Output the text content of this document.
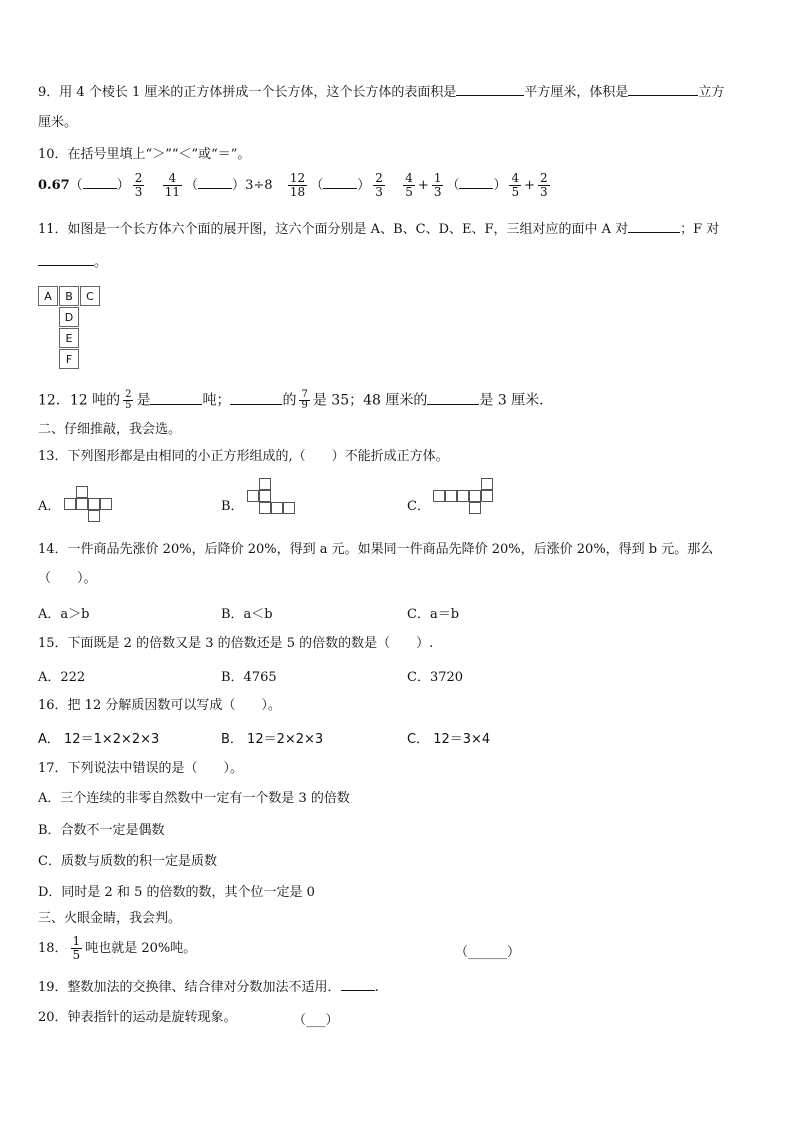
9．用 4 个棱长 1 厘米的正方体拼成一个长方体，这个长方体的表面积是	平方厘米，体积是	立方
厘米。
10．在括号里填上“＞”“＜”或“＝”。
0.67（	） $\frac{2}{3}$
$\frac{4}{11}$ （	）$3\div 8 \frac{12}{18}$ （	） $\frac{2}{3}$
$\frac{4}{5} + \frac{1}{3}$ （	） $\frac{4}{5} + \frac{2}{3}$
11．如图是一个长方体六个面的展开图，这六个面分别是 A、B、C、D、E、F，三组对应的面中 A 对	；F 对
。
A	B	C
D
E
F
12．12 吨的 $\frac{2}{5}$ 是	吨；	的 $\frac{7}{9}$ 是 35；48 厘米的	是 3 厘米.
二、仔细推敲，我会选。
13．下列图形都是由相同的小正方形组成的,（　　）不能折成正方体。
A．	B．	C．
14．一件商品先涨价 20%，后降价 20%，得到 a 元。如果同一件商品先降价 20%，后涨价 20%，得到 b 元。那么
（　　）。
A．a＞b	B．a＜b	C．a＝b
15．下面既是 2 的倍数又是 3 的倍数还是 5 的倍数的数是（　　）.
A．222	B．4765	C．3720
16．把 12 分解质因数可以写成（　　）。
A． 12＝1×2×2×3	B． 12＝2×2×3	C． 12＝3×4
17．下列说法中错误的是（　　）。
A．三个连续的非零自然数中一定有一个数是 3 的倍数
B．合数不一定是偶数
C．质数与质数的积一定是质数
D．同时是 2 和 5 的倍数的数，其个位一定是 0
三、火眼金睛，我会判。
18． $\frac{1}{5}$ 吨也就是 20%吨。	（______）
19．整数加法的交换律、结合律对分数加法不适用．	.
20．钟表指针的运动是旋转现象。	（___）
